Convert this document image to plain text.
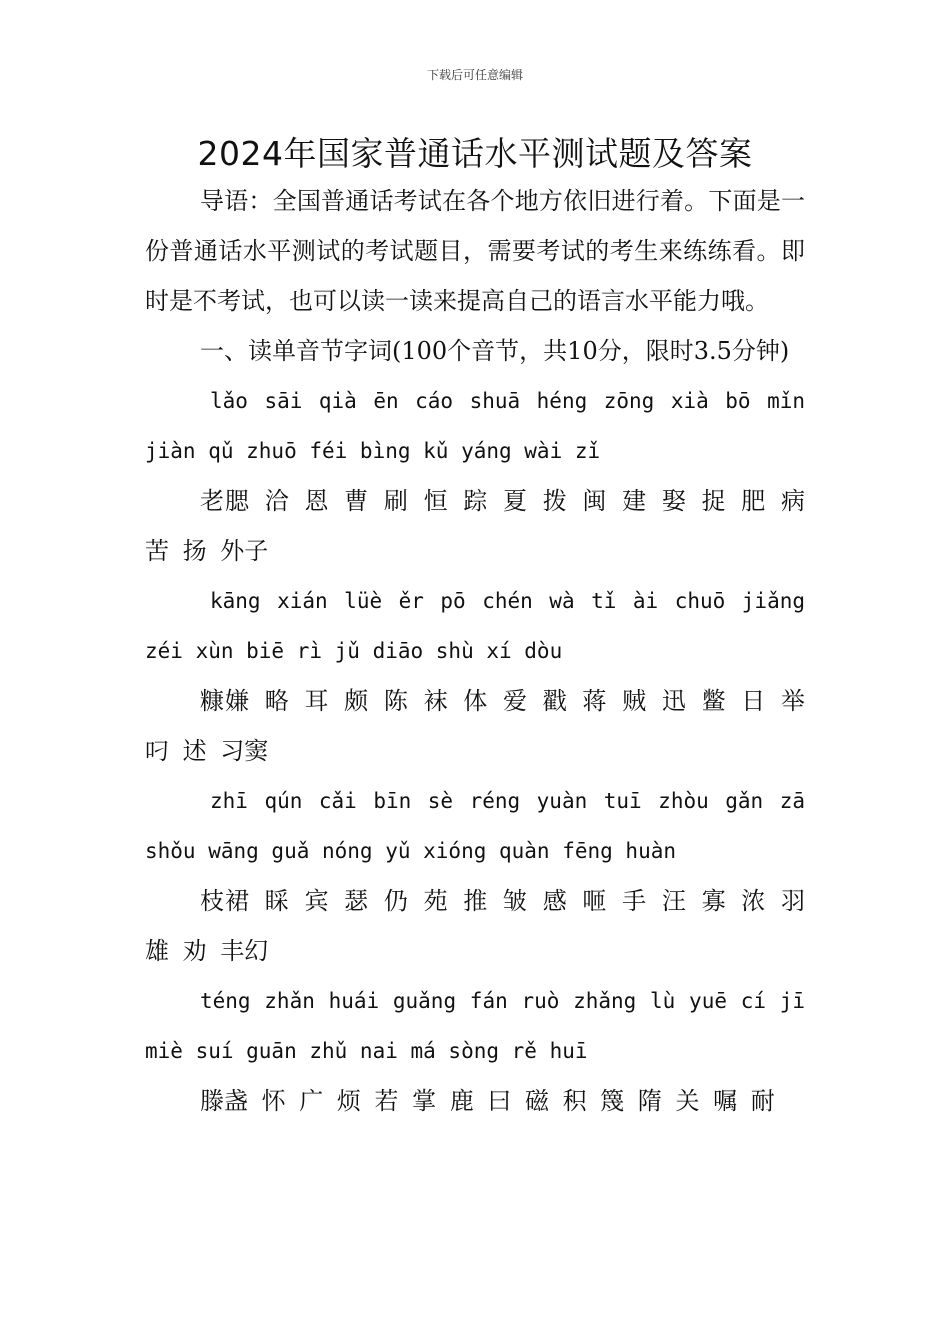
下载后可任意编辑
2024年国家普通话水平测试题及答案

导语：全国普通话考试在各个地方依旧进行着。下面是一份普通话水平测试的考试题目，需要考试的考生来练练看。即时是不考试，也可以读一读来提高自己的语言水平能力哦。

一、读单音节字词(100个音节，共10分，限时3.5分钟)

lǎo sāi qià ēn cáo shuā héng zōng xià bō mǐn jiàn qǔ zhuō féi bìng kǔ yáng wài zǐ

老腮 洽 恩 曹 刷 恒 踪 夏 拨 闽 建 娶 捉 肥 病 苦 扬 外子

kāng xián lüè ěr pō chén wà tǐ ài chuō jiǎng zéi xùn biē rì jǔ diāo shù xí dòu

糠嫌 略 耳 颇 陈 袜 体 爱 戳 蒋 贼 迅 鳖 日 举 叼 述 习窦

zhī qún cǎi bīn sè réng yuàn tuī zhòu gǎn zā shǒu wāng guǎ nóng yǔ xióng quàn fēng huàn

枝裙 睬 宾 瑟 仍 苑 推 皱 感 咂 手 汪 寡 浓 羽 雄 劝 丰幻

téng zhǎn huái guǎng fán ruò zhǎng lù yuē cí jī miè suí guān zhǔ nai má sòng rě huī

滕盏 怀 广 烦 若 掌 鹿 曰 磁 积 篾 隋 关 嘱 耐
